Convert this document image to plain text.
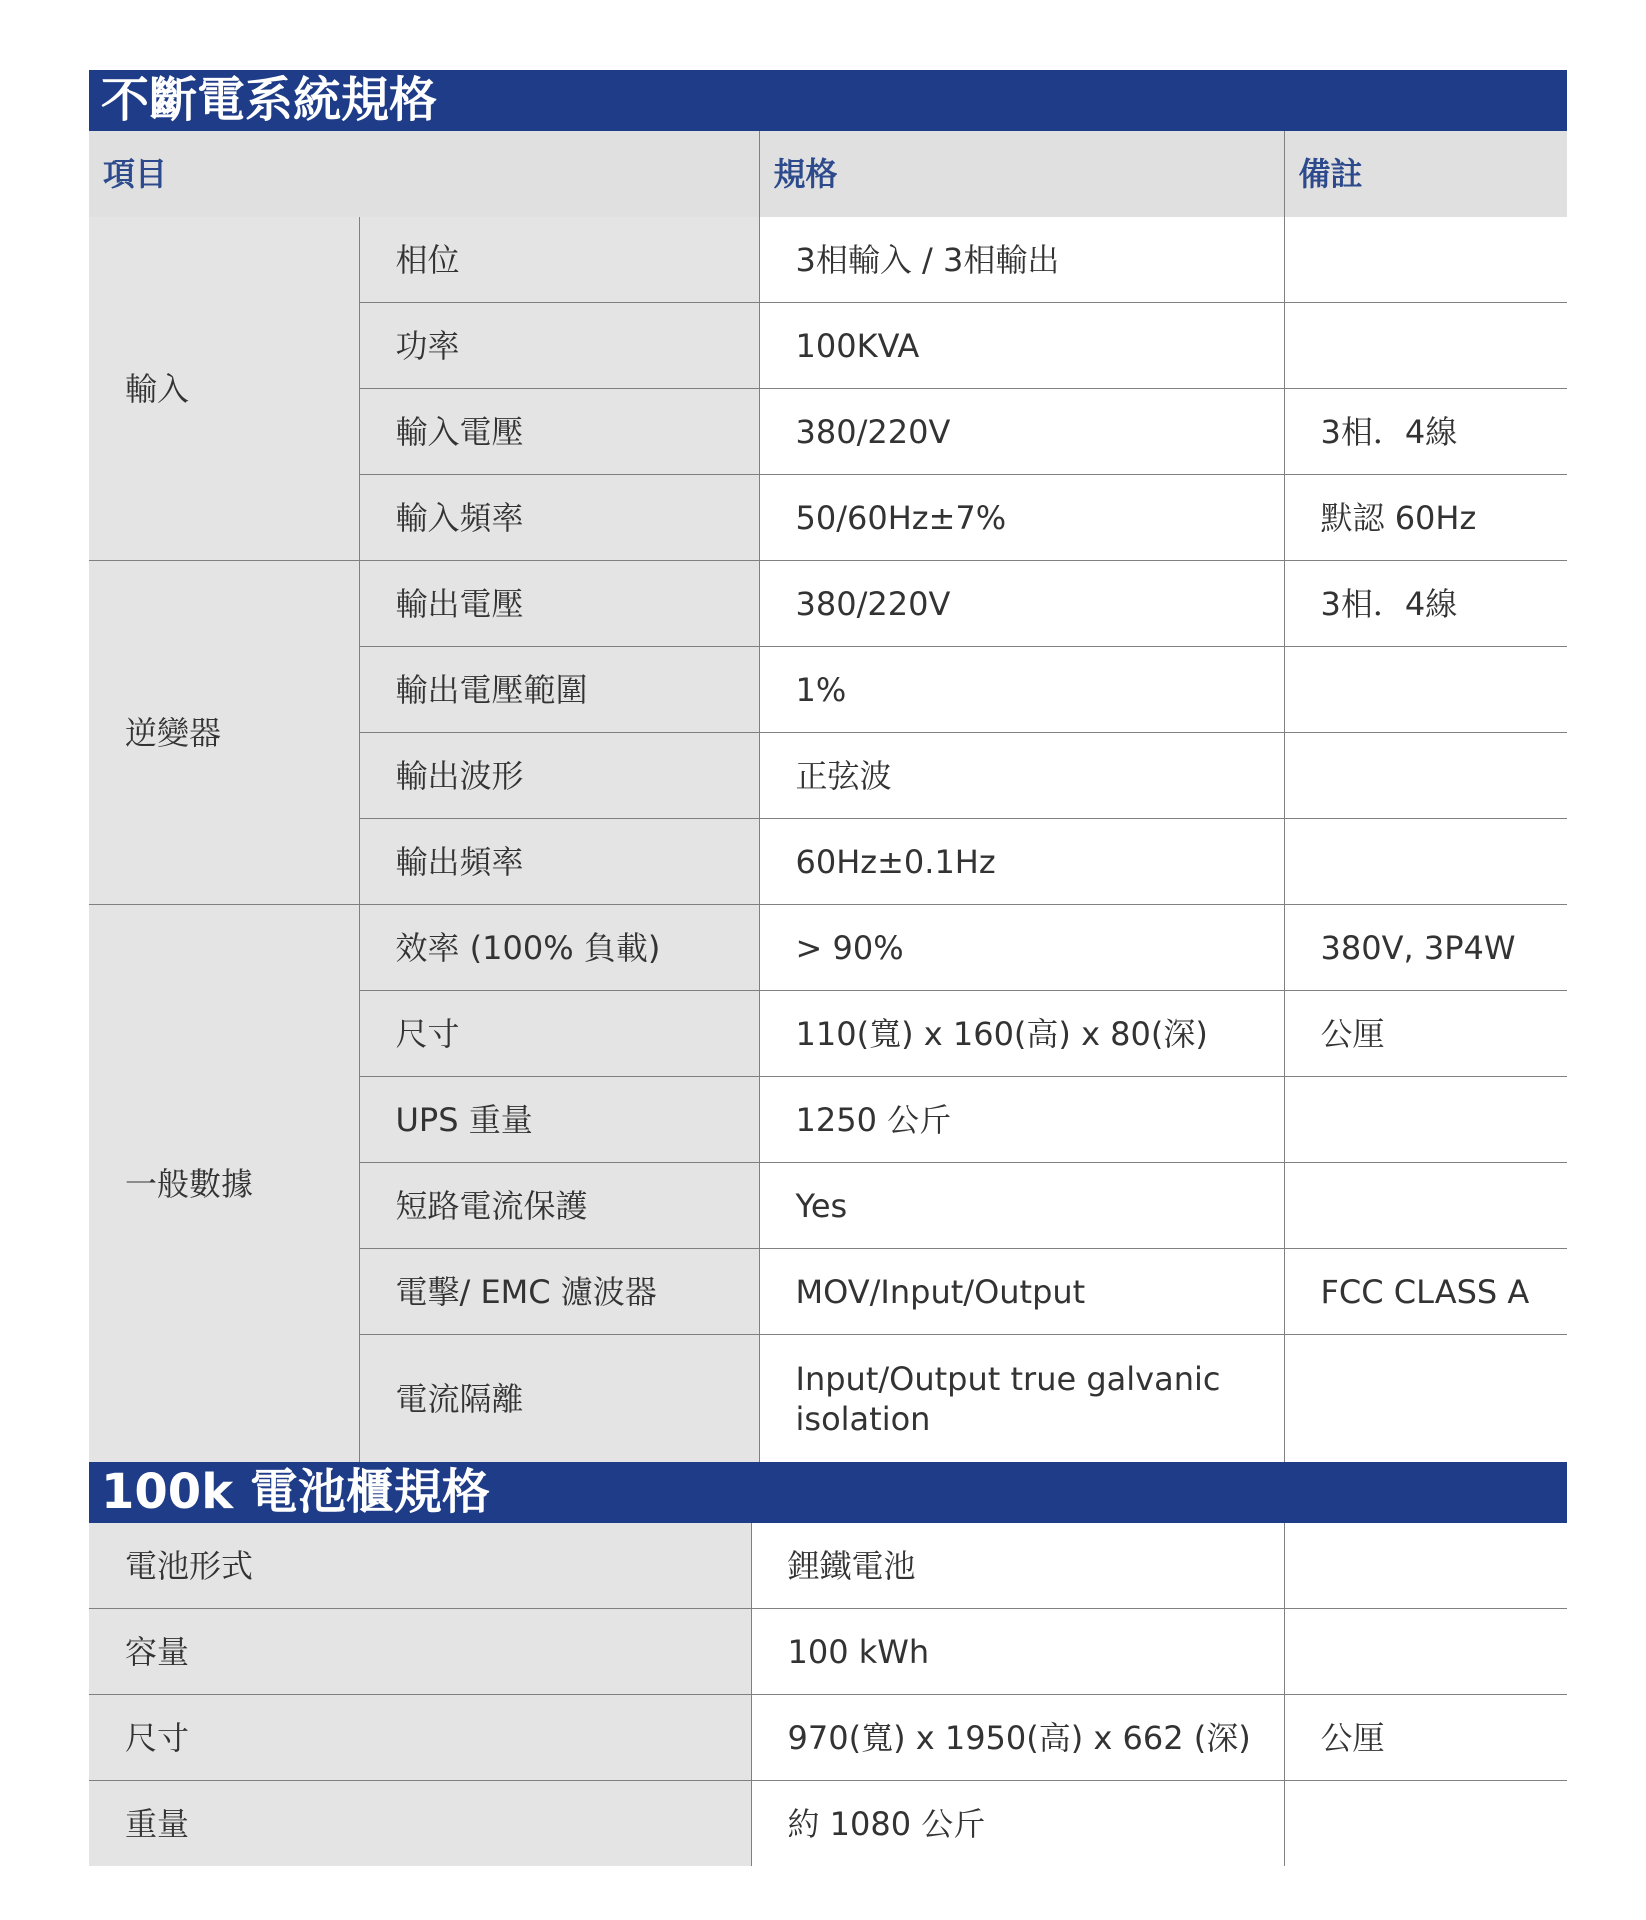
不斷電系統規格
項目		規格	備註
輸入	相位	3相輸入 / 3相輸出	
	功率	100KVA	
	輸入電壓	380/220V	3相．4線
	輸入頻率	50/60Hz±7%	默認 60Hz
逆變器	輸出電壓	380/220V	3相．4線
	輸出電壓範圍	1%	
	輸出波形	正弦波	
	輸出頻率	60Hz±0.1Hz	
一般數據	效率 (100% 負載)	> 90%	380V, 3P4W
	尺寸	110(寬) x 160(高) x 80(深)	公厘
	UPS 重量	1250 公斤	
	短路電流保護	Yes	
	電擊/ EMC 濾波器	MOV/Input/Output	FCC CLASS A
	電流隔離	Input/Output true galvanic isolation	
100k 電池櫃規格
電池形式	鋰鐵電池	
容量	100 kWh	
尺寸	970(寬) x 1950(高) x 662 (深)	公厘
重量	約 1080 公斤	
